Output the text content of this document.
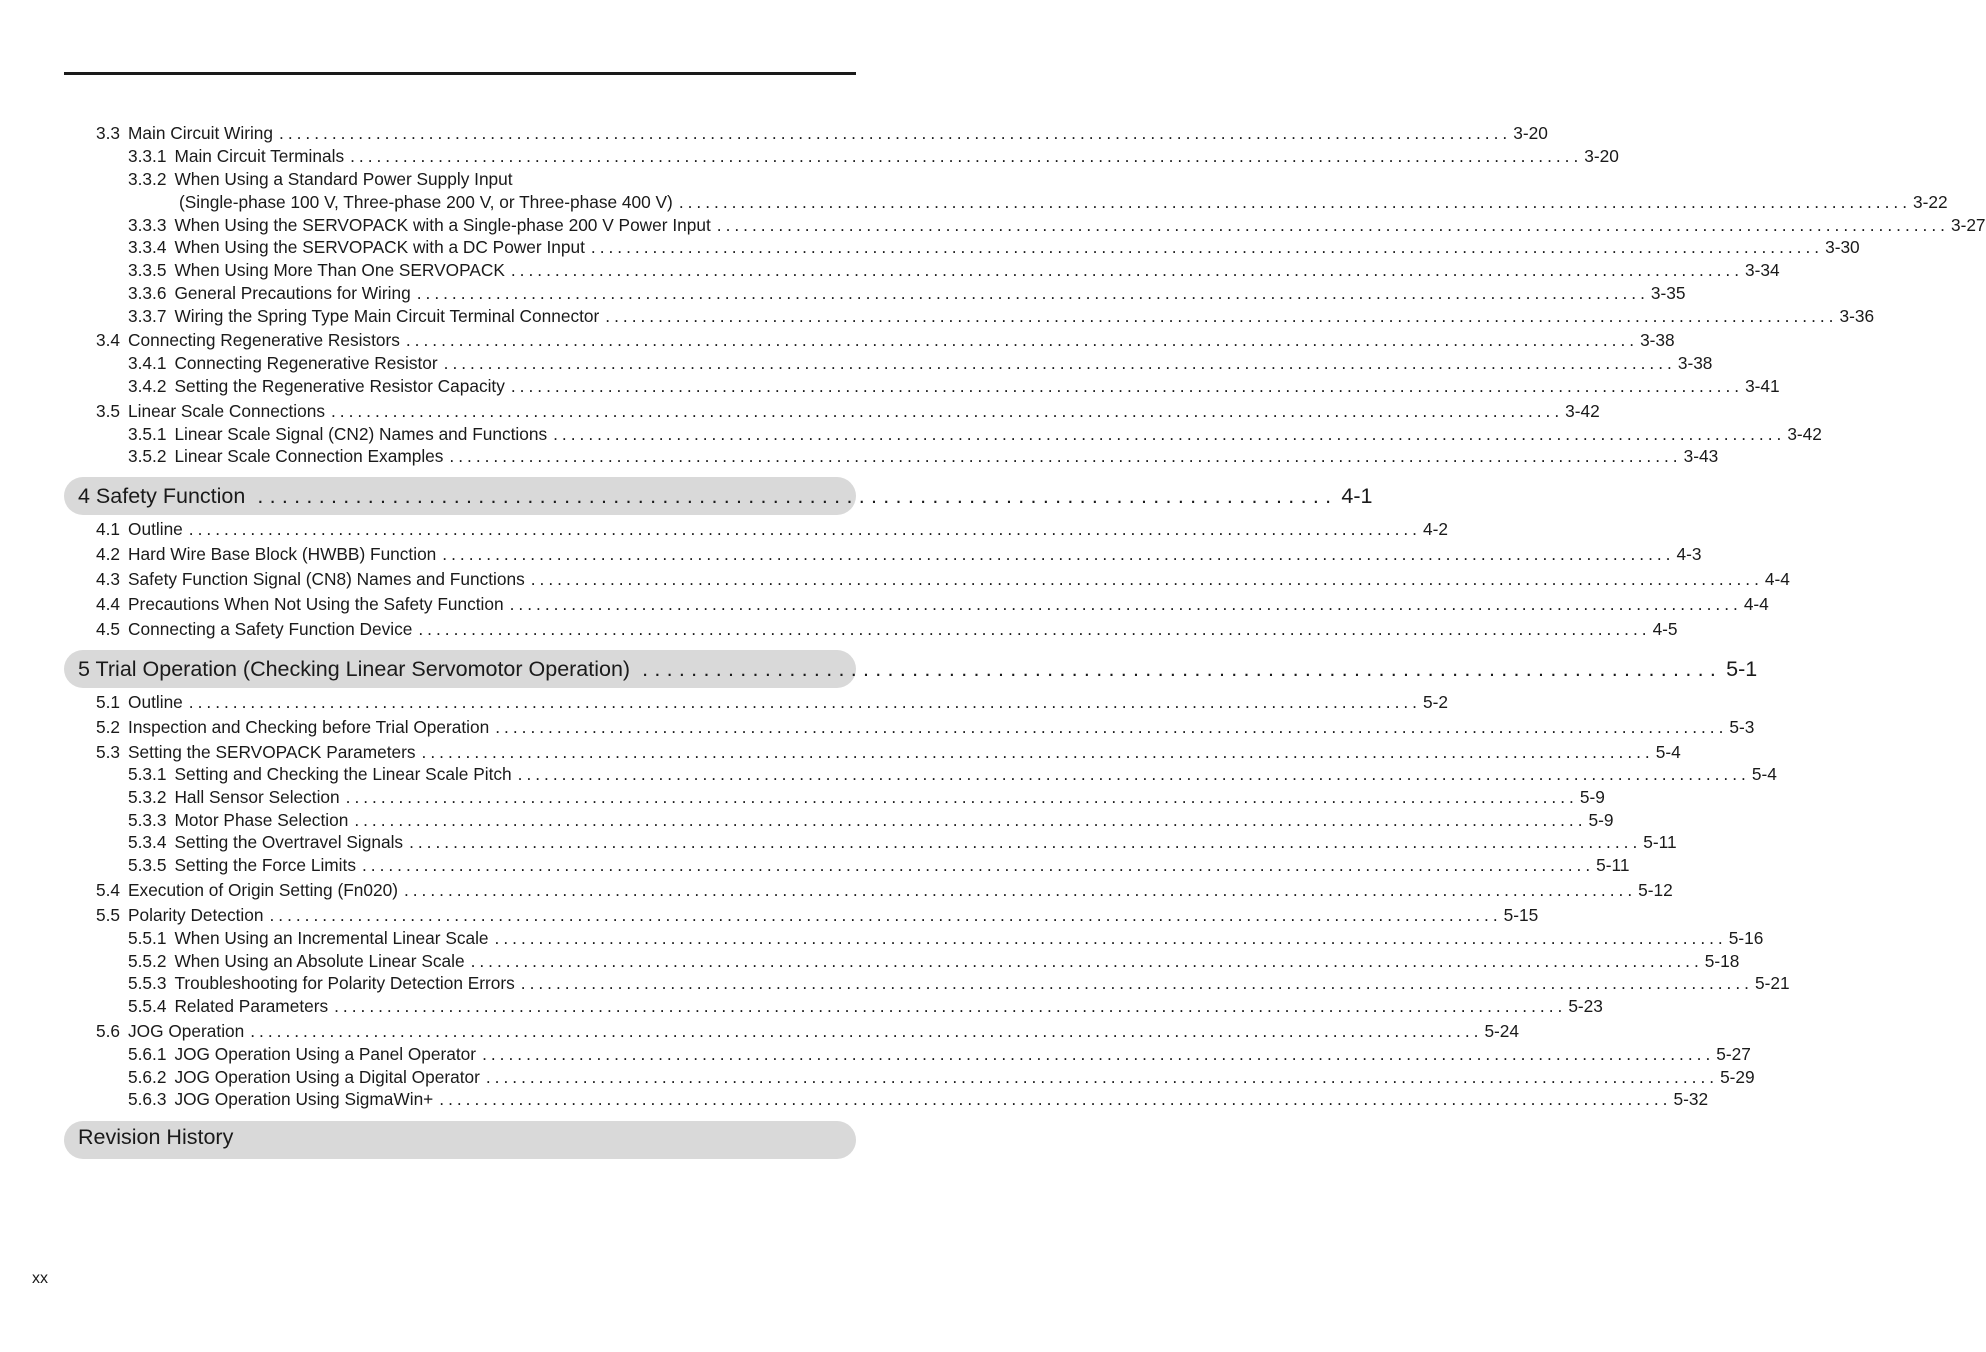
3.3 Main Circuit Wiring ............................................................................................................................................ 3-20
3.3.1 Main Circuit Terminals ............................................................................................................................................ 3-20
3.3.2 When Using a Standard Power Supply Input
(Single-phase 100 V, Three-phase 200 V, or Three-phase 400 V) ............................................................................................................................................ 3-22
3.3.3 When Using the SERVOPACK with a Single-phase 200 V Power Input ............................................................................................................................................ 3-27
3.3.4 When Using the SERVOPACK with a DC Power Input ............................................................................................................................................ 3-30
3.3.5 When Using More Than One SERVOPACK ............................................................................................................................................ 3-34
3.3.6 General Precautions for Wiring ............................................................................................................................................ 3-35
3.3.7 Wiring the Spring Type Main Circuit Terminal Connector ............................................................................................................................................ 3-36
3.4 Connecting Regenerative Resistors ............................................................................................................................................ 3-38
3.4.1 Connecting Regenerative Resistor ............................................................................................................................................ 3-38
3.4.2 Setting the Regenerative Resistor Capacity ............................................................................................................................................ 3-41
3.5 Linear Scale Connections ............................................................................................................................................ 3-42
3.5.1 Linear Scale Signal (CN2) Names and Functions ............................................................................................................................................ 3-42
3.5.2 Linear Scale Connection Examples ............................................................................................................................................ 3-43
4 Safety Function ........................................................................................ 4-1
4.1 Outline ............................................................................................................................................ 4-2
4.2 Hard Wire Base Block (HWBB) Function ............................................................................................................................................ 4-3
4.3 Safety Function Signal (CN8) Names and Functions ............................................................................................................................................ 4-4
4.4 Precautions When Not Using the Safety Function ............................................................................................................................................ 4-4
4.5 Connecting a Safety Function Device ............................................................................................................................................ 4-5
5 Trial Operation (Checking Linear Servomotor Operation) ........................................................................................ 5-1
5.1 Outline ............................................................................................................................................ 5-2
5.2 Inspection and Checking before Trial Operation ............................................................................................................................................ 5-3
5.3 Setting the SERVOPACK Parameters ............................................................................................................................................ 5-4
5.3.1 Setting and Checking the Linear Scale Pitch ............................................................................................................................................ 5-4
5.3.2 Hall Sensor Selection ............................................................................................................................................ 5-9
5.3.3 Motor Phase Selection ............................................................................................................................................ 5-9
5.3.4 Setting the Overtravel Signals ............................................................................................................................................ 5-11
5.3.5 Setting the Force Limits ............................................................................................................................................ 5-11
5.4 Execution of Origin Setting (Fn020) ............................................................................................................................................ 5-12
5.5 Polarity Detection ............................................................................................................................................ 5-15
5.5.1 When Using an Incremental Linear Scale ............................................................................................................................................ 5-16
5.5.2 When Using an Absolute Linear Scale ............................................................................................................................................ 5-18
5.5.3 Troubleshooting for Polarity Detection Errors ............................................................................................................................................ 5-21
5.5.4 Related Parameters ............................................................................................................................................ 5-23
5.6 JOG Operation ............................................................................................................................................ 5-24
5.6.1 JOG Operation Using a Panel Operator ............................................................................................................................................ 5-27
5.6.2 JOG Operation Using a Digital Operator ............................................................................................................................................ 5-29
5.6.3 JOG Operation Using SigmaWin+ ............................................................................................................................................ 5-32
Revision History
xx
